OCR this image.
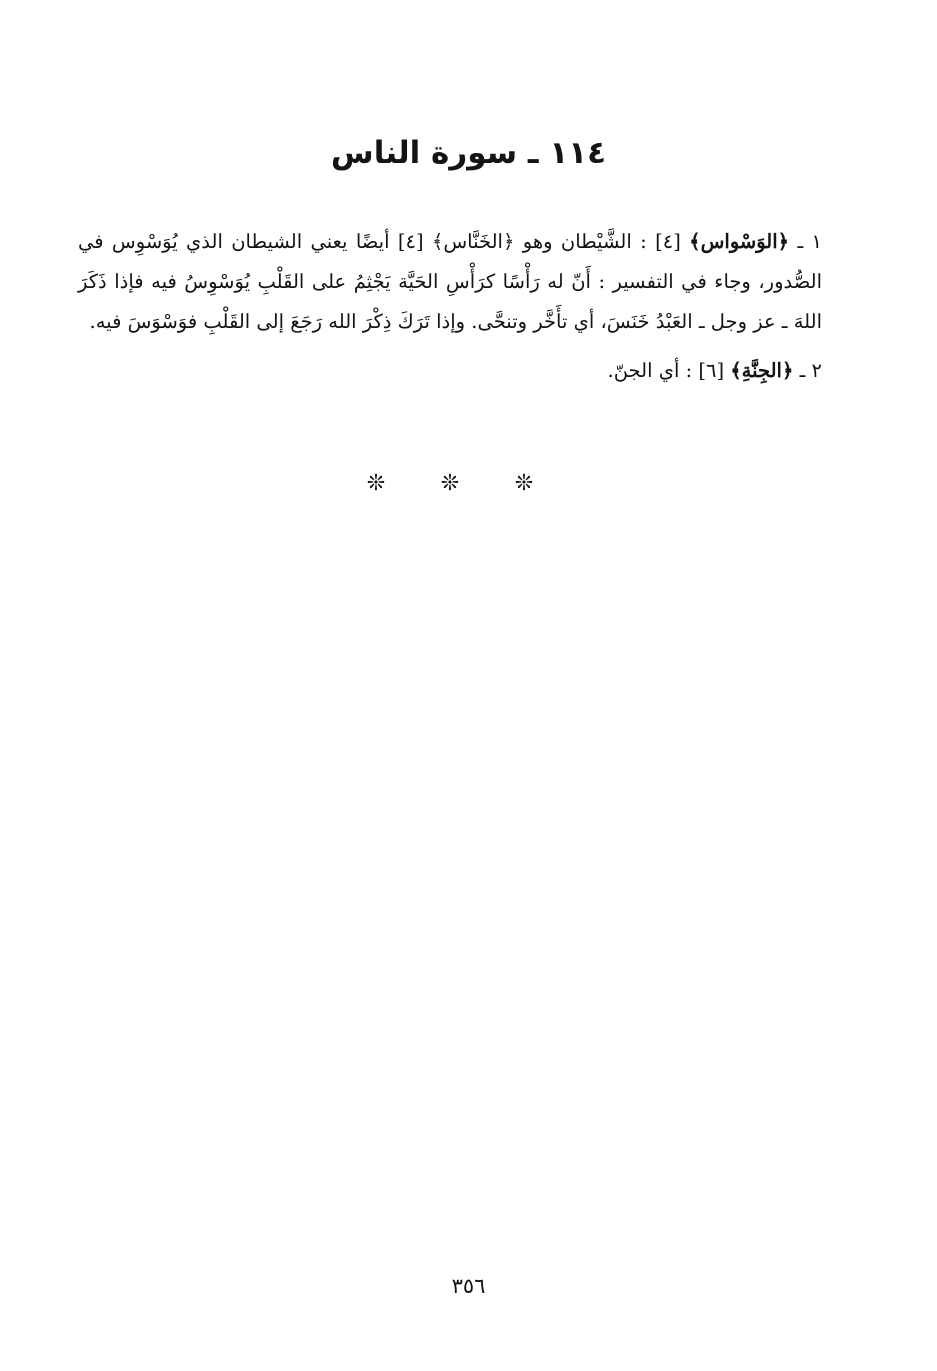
١١٤ ـ سورة الناس

١ ـ ﴿الوَسْواس﴾ [٤] : الشَّيْطان وهو ﴿الخَنَّاس﴾ [٤] أيضًا يعني الشيطان الذي يُوَسْوِس في الصُّدور، وجاء في التفسير : أَنّ له رَأْسًا كرَأْسِ الحَيَّة يَجْثِمُ على القَلْبِ يُوَسْوِسُ فيه فإذا ذَكَرَ اللهَ ـ عز وجل ـ العَبْدُ خَنَسَ، أي تأَخَّر وتنحَّى. وإذا تَرَكَ ذِكْرَ الله رَجَعَ إلى القَلْبِ فوَسْوَسَ فيه.

٢ ـ ﴿الجِنَّةِ﴾ [٦] : أي الجنّ.

❊	❊	❊
٣٥٦
